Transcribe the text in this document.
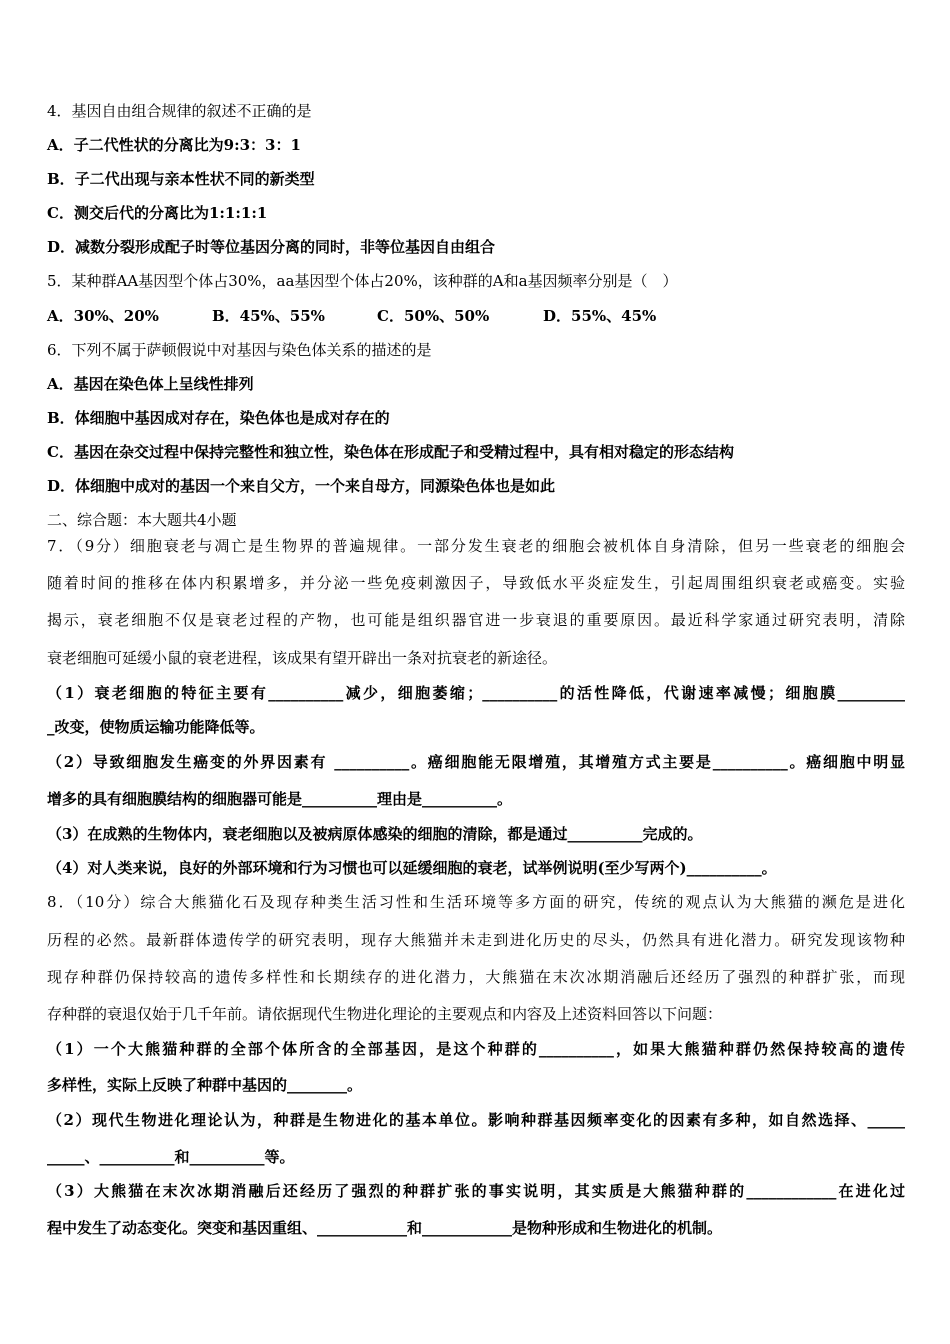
4．基因自由组合规律的叙述不正确的是
A．子二代性状的分离比为9:3：3：1
B．子二代出现与亲本性状不同的新类型
C．测交后代的分离比为1:1:1:1
D．减数分裂形成配子时等位基因分离的同时，非等位基因自由组合
5．某种群AA基因型个体占30%，aa基因型个体占20%，该种群的A和a基因频率分别是（　）
A．30%、20%	B．45%、55%	C．50%、50%	D．55%、45%
6．下列不属于萨顿假说中对基因与染色体关系的描述的是
A．基因在染色体上呈线性排列
B．体细胞中基因成对存在，染色体也是成对存在的
C．基因在杂交过程中保持完整性和独立性，染色体在形成配子和受精过程中，具有相对稳定的形态结构
D．体细胞中成对的基因一个来自父方，一个来自母方，同源染色体也是如此
二、综合题：本大题共4小题
7．（9分）细胞衰老与凋亡是生物界的普遍规律。一部分发生衰老的细胞会被机体自身清除，但另一些衰老的细胞会
随着时间的推移在体内积累增多，并分泌一些免疫刺激因子，导致低水平炎症发生，引起周围组织衰老或癌变。实验
揭示，衰老细胞不仅是衰老过程的产物，也可能是组织器官进一步衰退的重要原因。最近科学家通过研究表明，清除
衰老细胞可延缓小鼠的衰老进程，该成果有望开辟出一条对抗衰老的新途径。
（1）衰老细胞的特征主要有__________减少，细胞萎缩；__________的活性降低，代谢速率减慢；细胞膜_________
_改变，使物质运输功能降低等。
（2）导致细胞发生癌变的外界因素有 __________。癌细胞能无限增殖，其增殖方式主要是__________。癌细胞中明显
增多的具有细胞膜结构的细胞器可能是__________理由是__________。
（3）在成熟的生物体内，衰老细胞以及被病原体感染的细胞的清除，都是通过__________完成的。
（4）对人类来说，良好的外部环境和行为习惯也可以延缓细胞的衰老，试举例说明(至少写两个)__________。
8．（10分）综合大熊猫化石及现存种类生活习性和生活环境等多方面的研究，传统的观点认为大熊猫的濒危是进化
历程的必然。最新群体遗传学的研究表明，现存大熊猫并未走到进化历史的尽头，仍然具有进化潜力。研究发现该物种
现存种群仍保持较高的遗传多样性和长期续存的进化潜力，大熊猫在末次冰期消融后还经历了强烈的种群扩张，而现
存种群的衰退仅始于几千年前。请依据现代生物进化理论的主要观点和内容及上述资料回答以下问题：
（1）一个大熊猫种群的全部个体所含的全部基因，是这个种群的__________，如果大熊猫种群仍然保持较高的遗传
多样性，实际上反映了种群中基因的________。
（2）现代生物进化理论认为，种群是生物进化的基本单位。影响种群基因频率变化的因素有多种，如自然选择、_____
_____、__________和__________等。
（3）大熊猫在末次冰期消融后还经历了强烈的种群扩张的事实说明，其实质是大熊猫种群的____________在进化过
程中发生了动态变化。突变和基因重组、____________和____________是物种形成和生物进化的机制。
